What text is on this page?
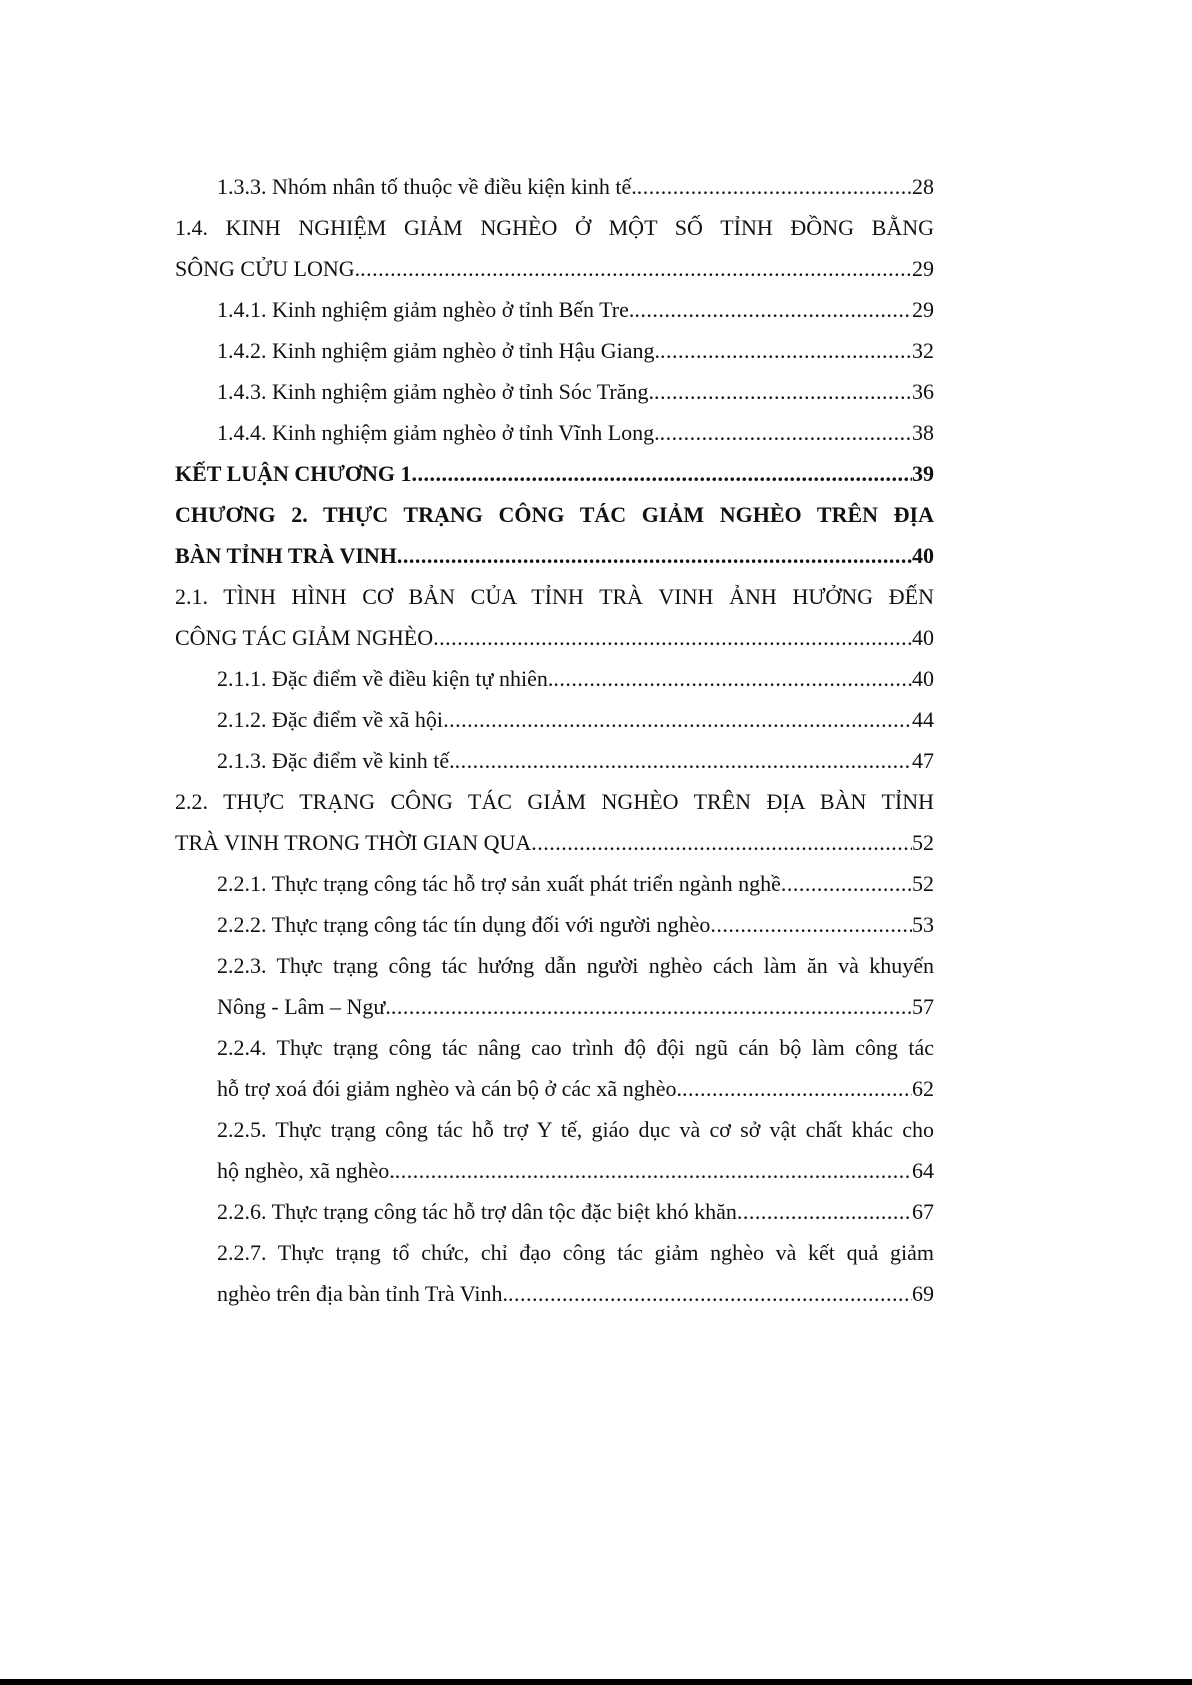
1.3.3. Nhóm nhân tố thuộc về điều kiện kinh tế. .....	28
1.4. KINH NGHIỆM GIẢM NGHÈO Ở MỘT SỐ TỈNH ĐỒNG BẰNG
SÔNG CỬU LONG. .....	29
1.4.1. Kinh nghiệm giảm nghèo ở tỉnh Bến Tre. .....	29
1.4.2. Kinh nghiệm giảm nghèo ở tỉnh Hậu Giang. .....	32
1.4.3. Kinh nghiệm giảm nghèo ở tỉnh Sóc Trăng. .....	36
1.4.4. Kinh nghiệm giảm nghèo ở tỉnh Vĩnh Long. .....	38
KẾT LUẬN CHƯƠNG 1 .....	39
CHƯƠNG 2. THỰC TRẠNG CÔNG TÁC GIẢM NGHÈO TRÊN ĐỊA
BÀN TỈNH TRÀ VINH .....	40
2.1. TÌNH HÌNH CƠ BẢN CỦA TỈNH TRÀ VINH ẢNH HƯỞNG ĐẾN
CÔNG TÁC GIẢM NGHÈO .....	40
2.1.1. Đặc điểm về điều kiện tự nhiên. .....	40
2.1.2. Đặc điểm về xã hội .....	44
2.1.3. Đặc điểm về kinh tế. .....	47
2.2. THỰC TRẠNG CÔNG TÁC GIẢM NGHÈO TRÊN ĐỊA BÀN TỈNH
TRÀ VINH TRONG THỜI GIAN QUA .....	52
2.2.1. Thực trạng công tác hỗ trợ sản xuất phát triển ngành nghề .....	52
2.2.2. Thực trạng công tác tín dụng đối với người nghèo .....	53
2.2.3. Thực trạng công tác hướng dẫn người nghèo cách làm ăn và khuyến
Nông - Lâm – Ngư. .....	57
2.2.4. Thực trạng công tác nâng cao trình độ đội ngũ cán bộ làm công tác
hỗ trợ xoá đói giảm nghèo và cán bộ ở các xã nghèo. .....	62
2.2.5. Thực trạng công tác hỗ trợ Y tế, giáo dục và cơ sở vật chất khác cho
hộ nghèo, xã nghèo. .....	64
2.2.6. Thực trạng công tác hỗ trợ dân tộc đặc biệt khó khăn .....	67
2.2.7. Thực trạng tổ chức, chỉ đạo công tác giảm nghèo và kết quả giảm
nghèo trên địa bàn tỉnh Trà Vinh. .....	69
